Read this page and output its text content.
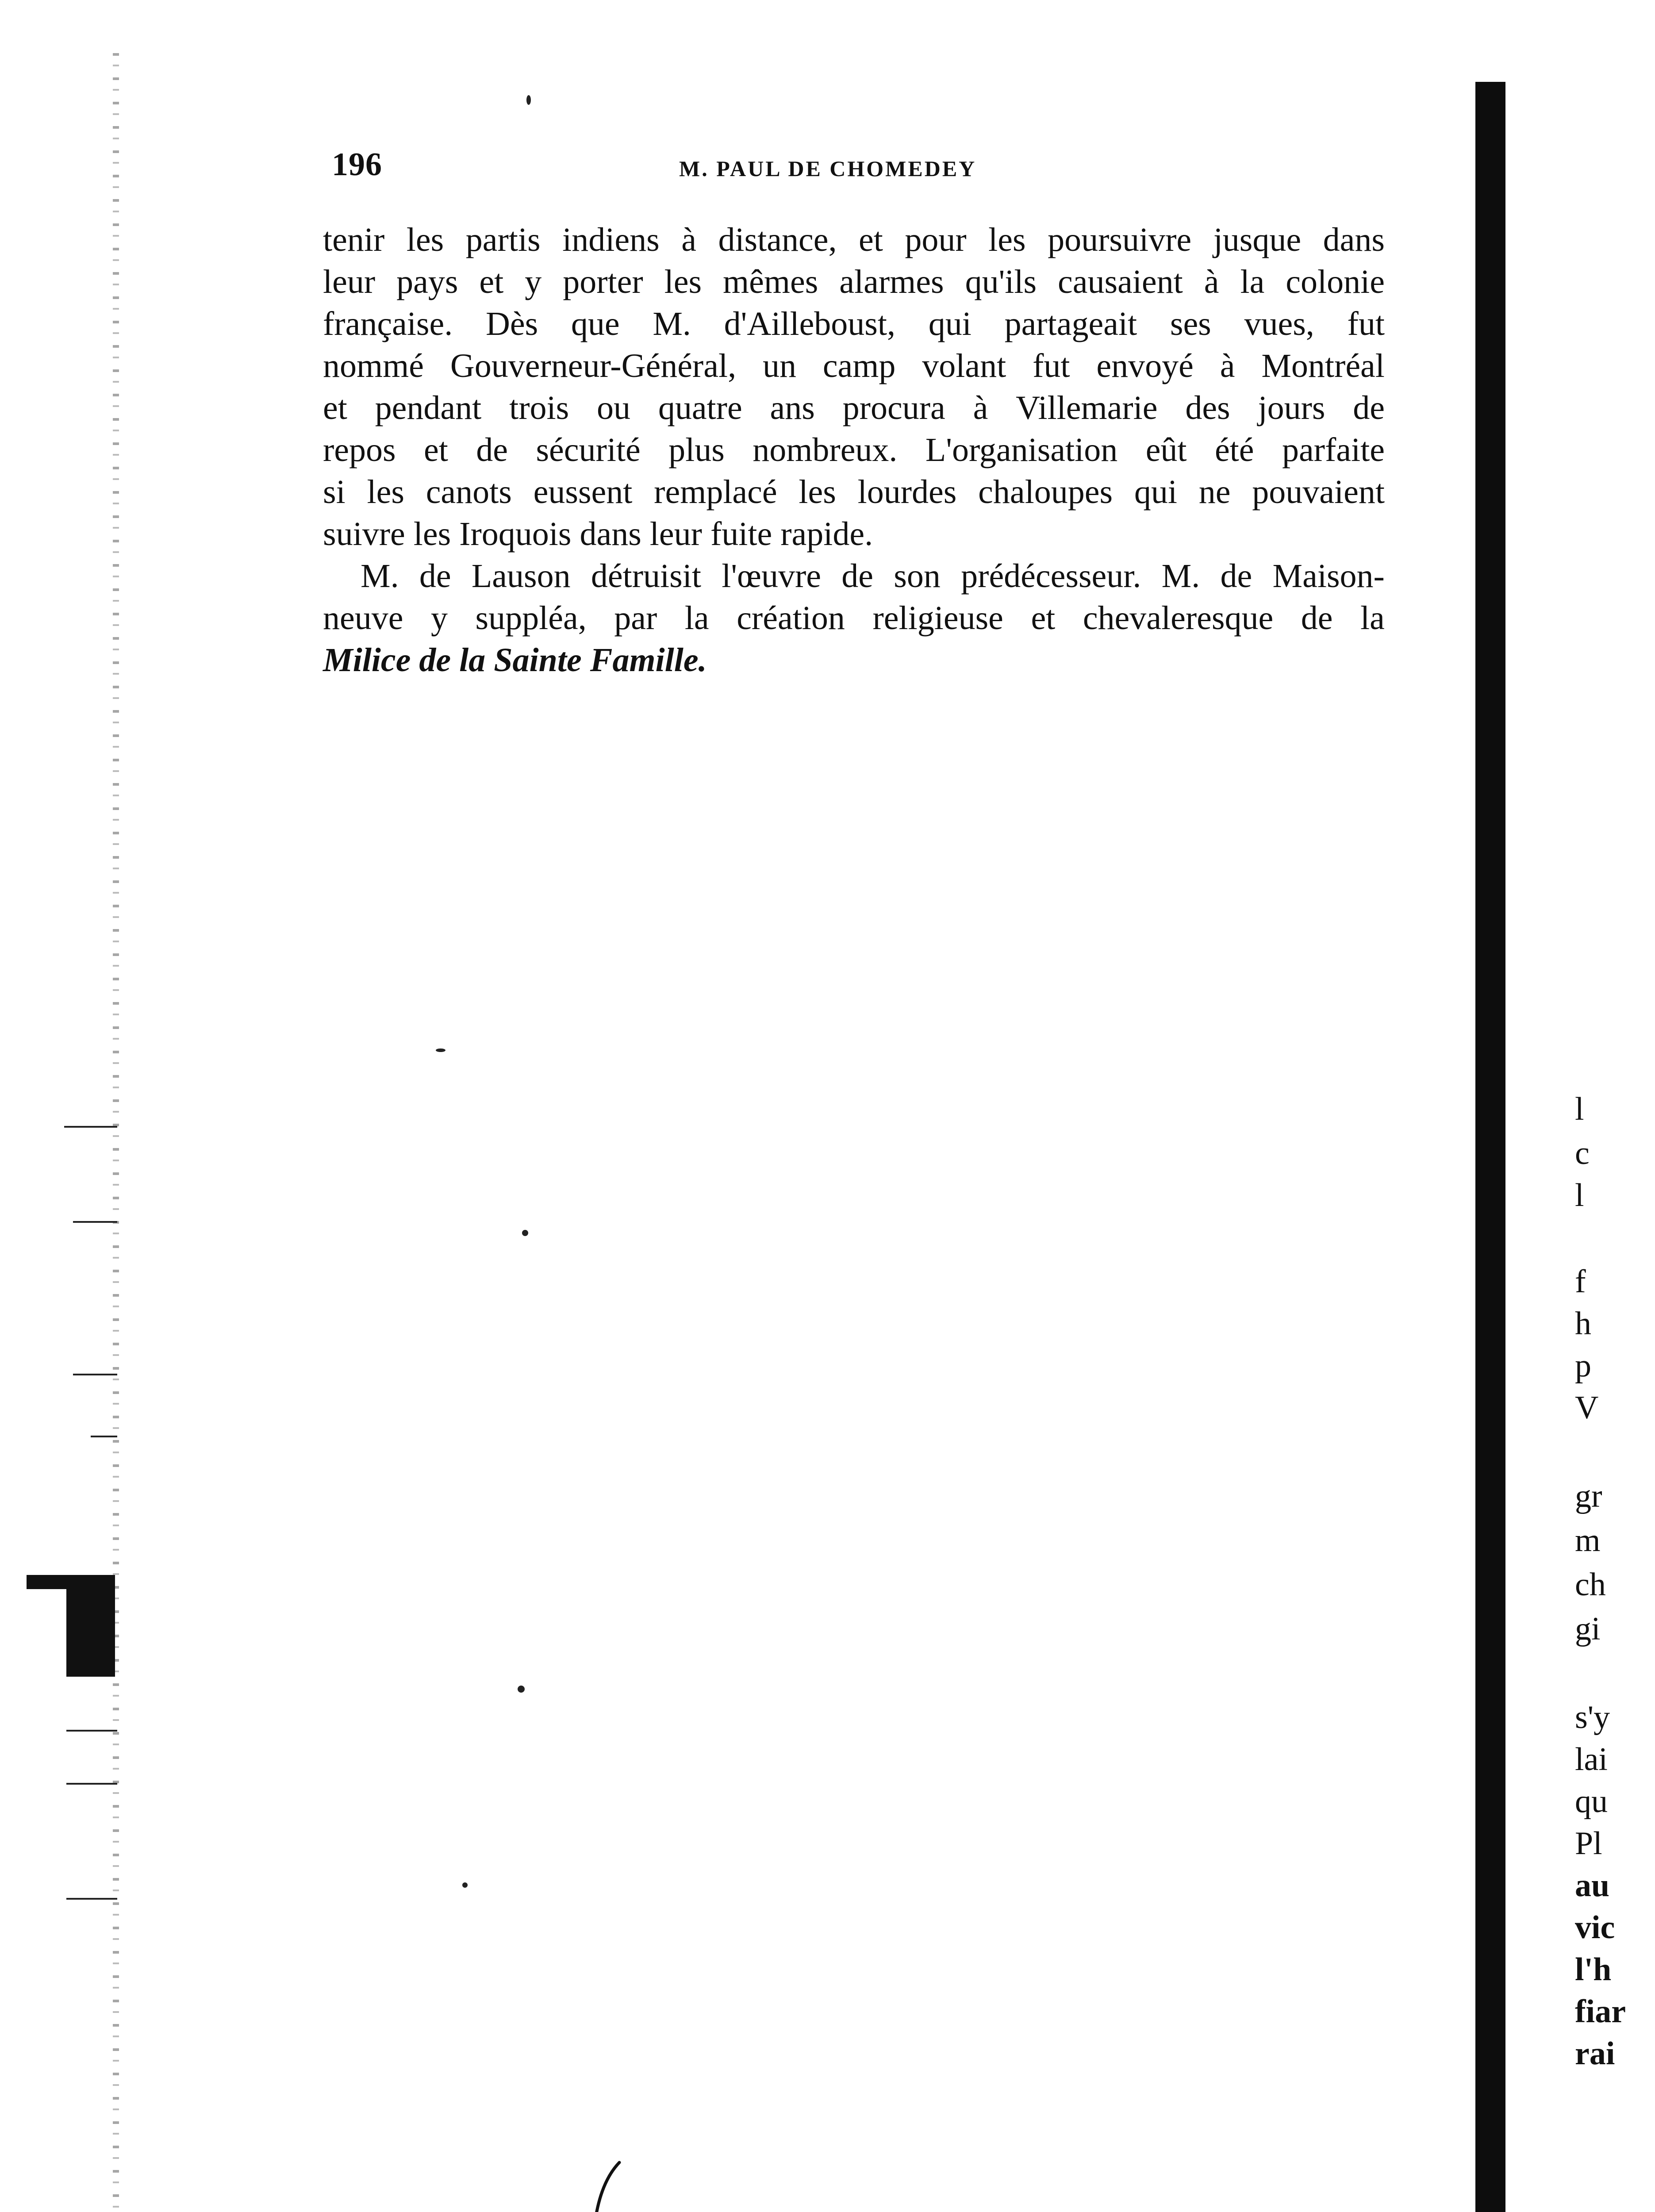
196	M. PAUL DE CHOMEDEY
tenir les partis indiens à distance, et pour les poursuivre jusque dans
leur pays et y porter les mêmes alarmes qu'ils causaient à la colonie
française. Dès que M. d'Ailleboust, qui partageait ses vues, fut
nommé Gouverneur-Général, un camp volant fut envoyé à Montréal
et pendant trois ou quatre ans procura à Villemarie des jours de
repos et de sécurité plus nombreux. L'organisation eût été parfaite
si les canots eussent remplacé les lourdes chaloupes qui ne pouvaient
suivre
les
Iroquois
dans
leur
fuite
rapide.
M. de Lauson détruisit l'œuvre de son prédécesseur. M. de Maison-
neuve y suppléa, par la création religieuse et chevaleresque de la
Milice
de
la
Sainte
Famille.
l
c
l
f
h
p
V
gr
m
ch
gi
s'y
lai
qu
Pl
au
vic
l'h
fiar
rai
